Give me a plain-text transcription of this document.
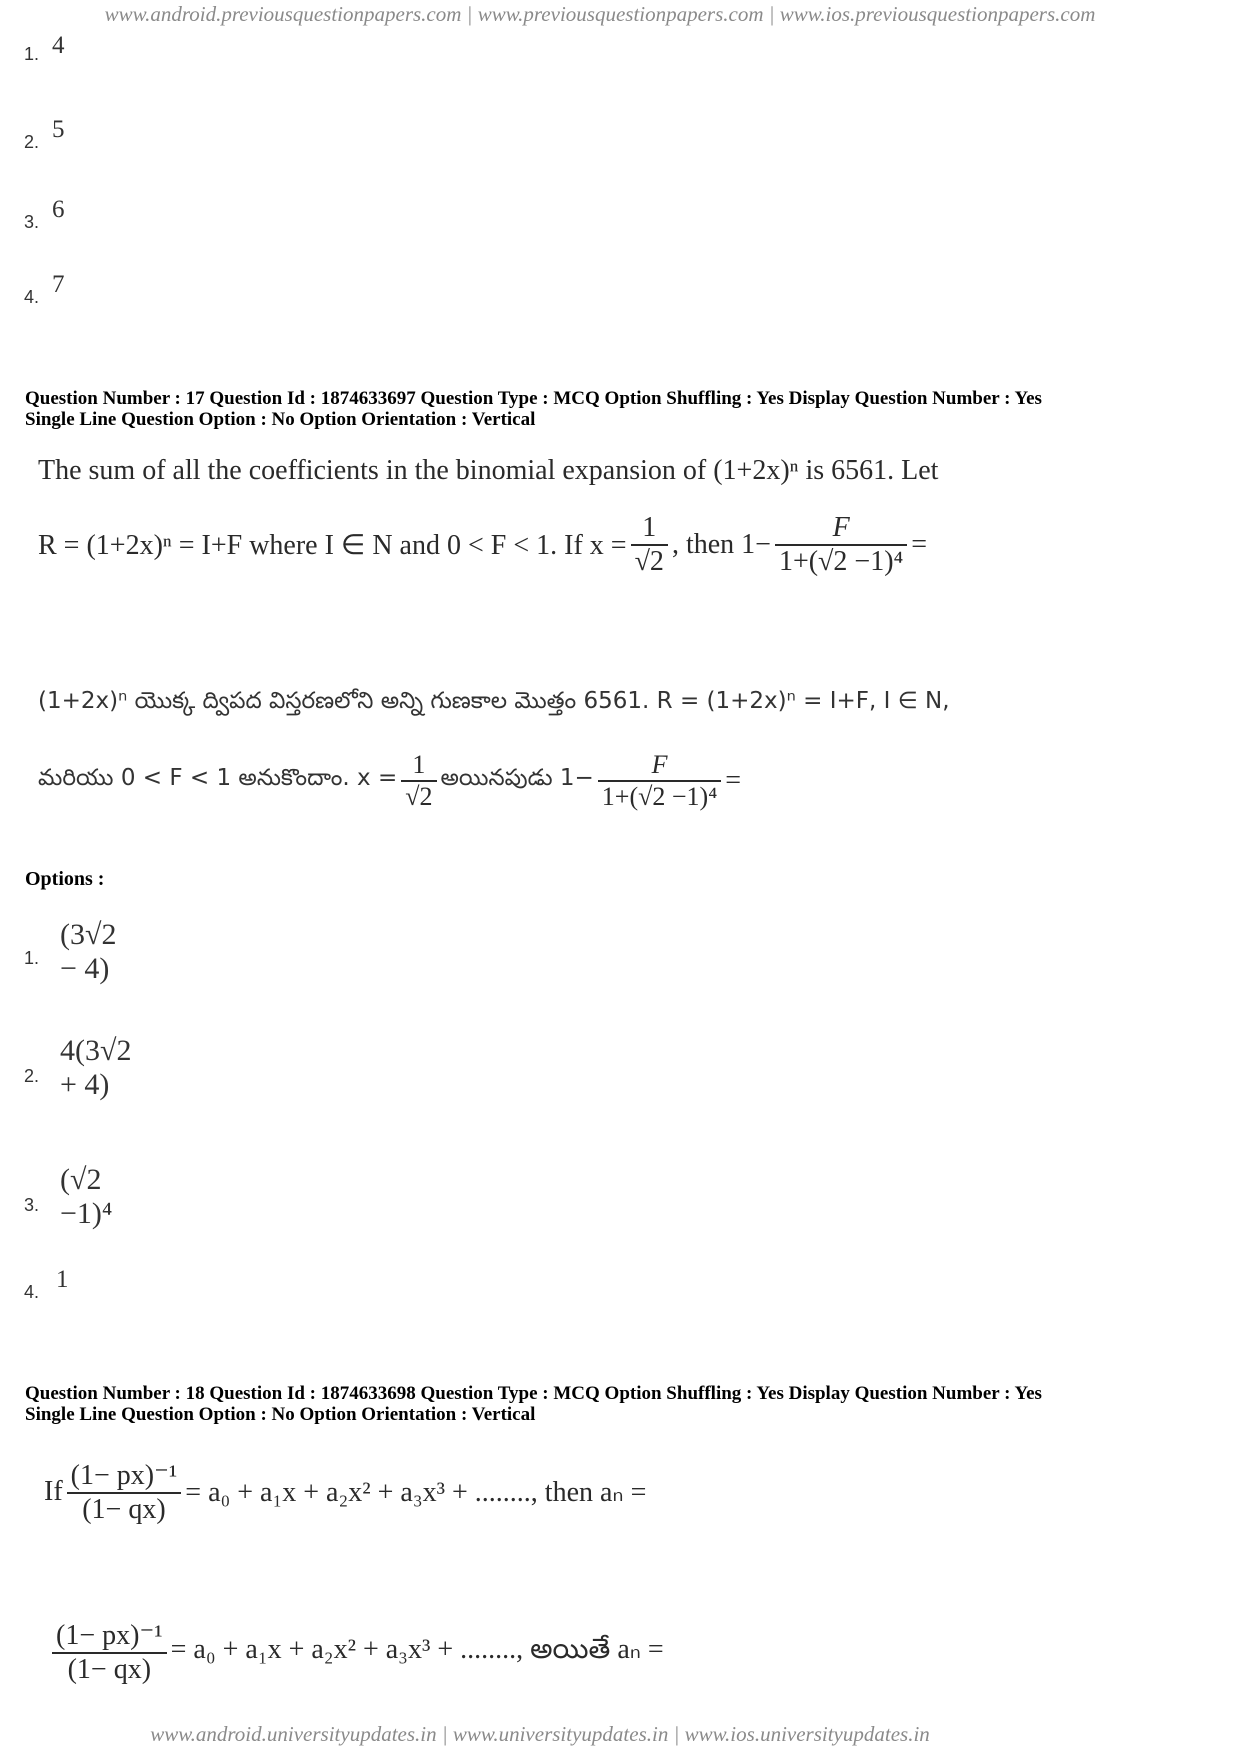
www.android.previousquestionpapers.com | www.previousquestionpapers.com | www.ios.previousquestionpapers.com
www.android.universityupdates.in | www.universityupdates.in | www.ios.universityupdates.in
1. 4
2. 5
3. 6
4. 7
Question Number : 17 Question Id : 1874633697 Question Type : MCQ Option Shuffling : Yes Display Question Number : Yes
Single Line Question Option : No Option Orientation : Vertical
The sum of all the coefficients in the binomial expansion of (1+2x)ⁿ is 6561. Let
R = (1+2x)ⁿ = I+F where I ∈ N and 0 < F < 1. If $x = \frac{1}{√2}$ , then $1- \frac{F}{\text{1+(√2 −1)⁴}}$ =
(1+2x)ⁿ యొక్క ద్విపద విస్తరణలోని అన్ని గుణకాల మొత్తం 6561. R = (1+2x)ⁿ = I+F, I ∈ N,
మరియు 0 < F < 1 అనుకొందాం. $x = \frac{1}{√2}$ అయినపుడు $1- \frac{F}{\text{1+(√2 −1)⁴}}$ =
Options :
1.
(3√2 − 4)
2.
4(3√2 + 4)
3.
(√2 −1)⁴
4. 1
Question Number : 18 Question Id : 1874633698 Question Type : MCQ Option Shuffling : Yes Display Question Number : Yes
Single Line Question Option : No Option Orientation : Vertical
If $\frac{\text{(1− px)⁻¹}}{(1- qx)} = a_0 + a_1x + a_2x^2 + a_3x^3$ + ........, then aₙ =
$\frac{\text{(1− px)⁻¹}}{(1- qx)} = a_0 + a_1x + a_2x^2 + a_3x^3$ + ........, అయితే aₙ =
